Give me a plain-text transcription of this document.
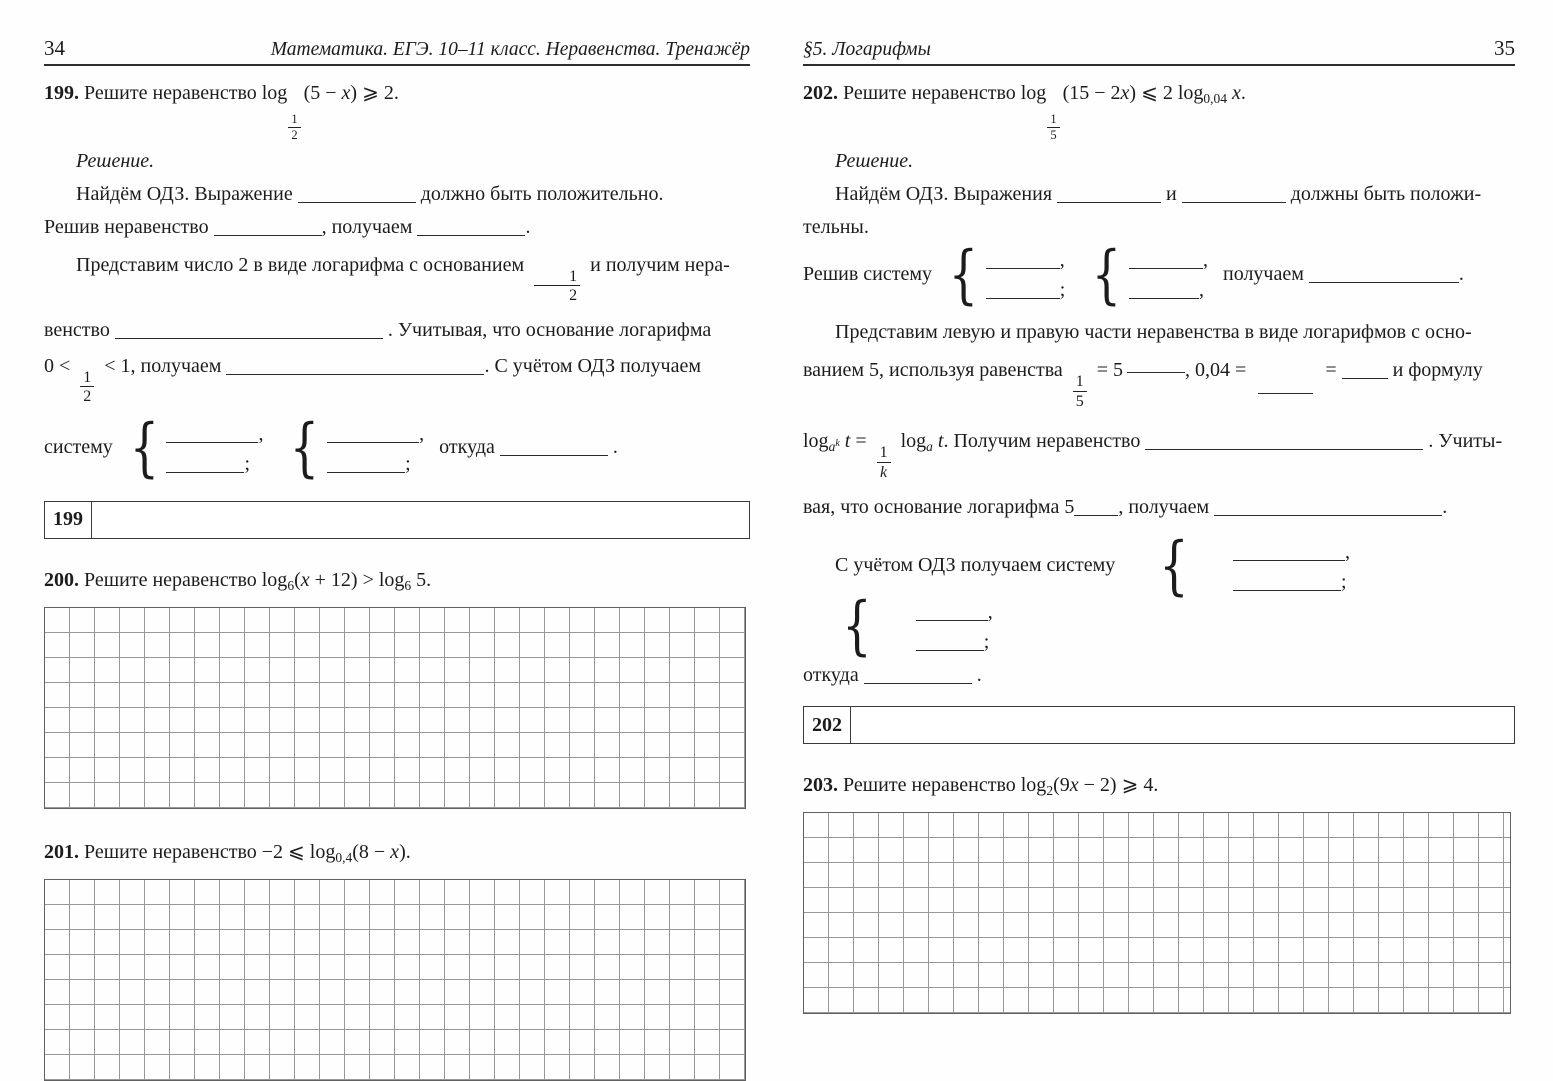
34	Математика. ЕГЭ. 10–11 класс. Неравенства. Тренажёр
199. Решите неравенство log
$\frac{1}{2}$
(5 − x) ⩾ 2.
Решение.
Найдём ОДЗ. Выражение	должно быть положительно.
Решив неравенство	, получаем	.
Представим число 2 в виде логарифма с основанием
$\frac{1}{2}$
и получим нера-
венство	. Учитывая, что основание логарифма
0 <
$\frac{1}{2}$
< 1, получаем	. С учётом ОДЗ получаем
систему {	,
;
{	,
;
откуда	.
199
200. Решите неравенство $\log_6(x + 12) > \log_6 5$.
201. Решите неравенство −2 ⩽ $\log_{0,4}(8 - x)$.
§5. Логарифмы	35
202. Решите неравенство log
$\frac{1}{5}$
(15 − 2x) ⩽ 2 $\log_{0,04} x$.
Решение.
Найдём ОДЗ. Выражения	и	должны быть положи-
тельны.
Решив систему {	,
;
{	,
,
получаем	.
Представим левую и правую части неравенства в виде логарифмов с осно-
ванием 5, используя равенства
$\frac{1}{5}$
= 5	, 0,04 =	=	и формулу
$\log_{a^k} t$ =
$\frac{1}{k}$
$\log_a t$. Получим неравенство	. Учиты-
вая, что основание логарифма 5 , получаем	.
С учётом ОДЗ получаем систему {	,
;

{	,
;
откуда	.
202
203. Решите неравенство $\log_2(9x - 2)$ ⩾ 4.
